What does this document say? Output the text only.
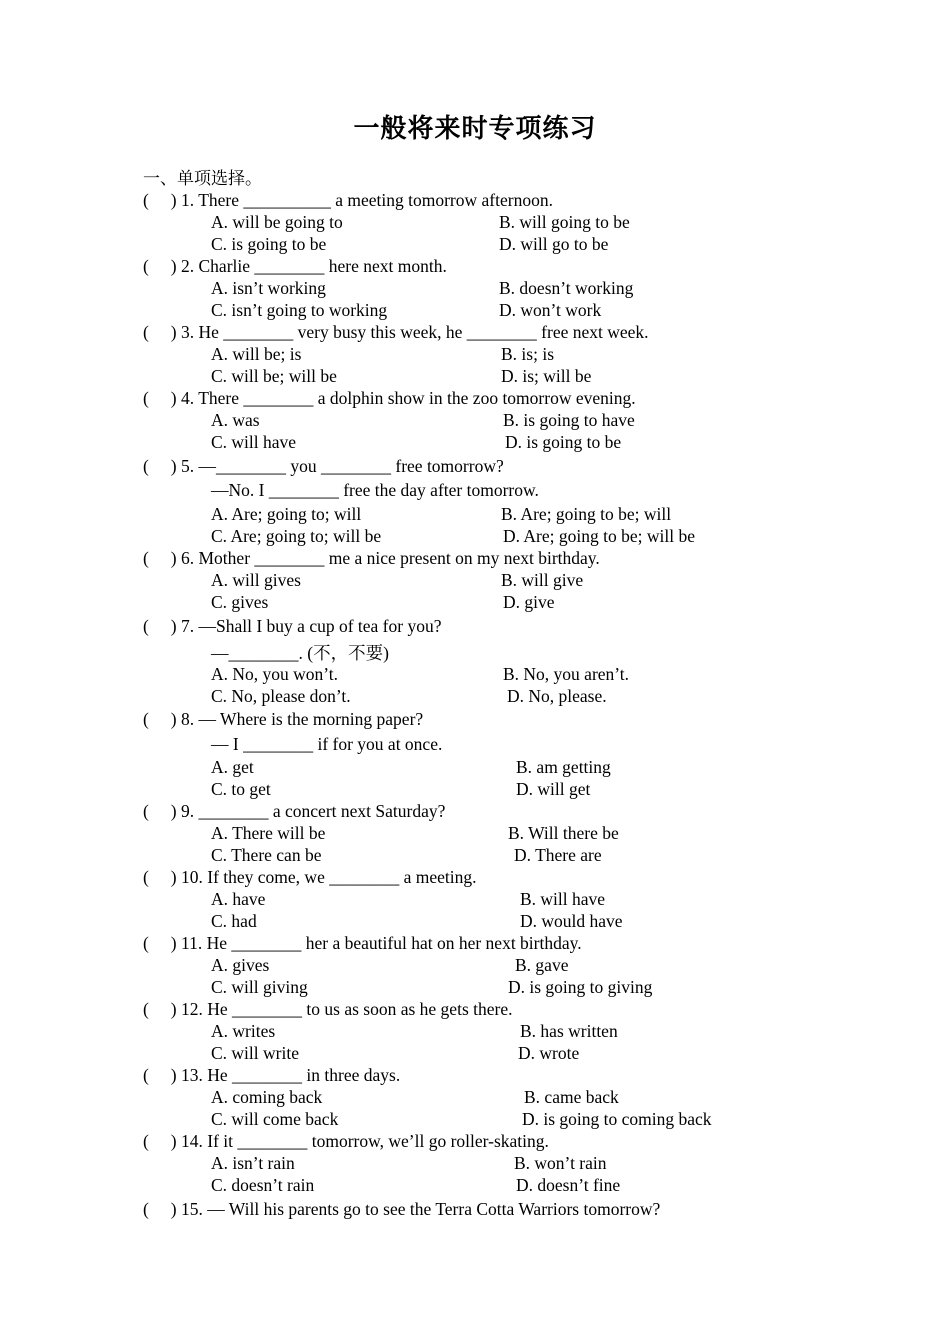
一般将来时专项练习
一、单项选择。
(     ) 1. There __________ a meeting tomorrow afternoon.
A. will be going to	B. will going to be
C. is going to be	D. will go to be
(     ) 2. Charlie ________ here next month.
A. isn’t working	B. doesn’t working
C. isn’t going to working	D. won’t work
(     ) 3. He ________ very busy this week, he ________ free next week.
A. will be; is	B. is; is
C. will be; will be	D. is; will be
(     ) 4. There ________ a dolphin show in the zoo tomorrow evening.
A. was	B. is going to have
C. will have	D. is going to be
(     ) 5. —________ you ________ free tomorrow?
—No. I ________ free the day after tomorrow.
A. Are; going to; will	B. Are; going to be; will
C. Are; going to; will be	D. Are; going to be; will be
(     ) 6. Mother ________ me a nice present on my next birthday.
A. will gives	B. will give
C. gives	D. give
(     ) 7. —Shall I buy a cup of tea for you?
—________. (不，不要)
A. No, you won’t.	B. No, you aren’t.
C. No, please don’t.	D. No, please.
(     ) 8. — Where is the morning paper?
— I ________ if for you at once.
A. get	B. am getting
C. to get	D. will get
(     ) 9. ________ a concert next Saturday?
A. There will be	B. Will there be
C. There can be	D. There are
(     ) 10. If they come, we ________ a meeting.
A. have	B. will have
C. had	D. would have
(     ) 11. He ________ her a beautiful hat on her next birthday.
A. gives	B. gave
C. will giving	D. is going to giving
(     ) 12. He ________ to us as soon as he gets there.
A. writes	B. has written
C. will write	D. wrote
(     ) 13. He ________ in three days.
A. coming back	B. came back
C. will come back	D. is going to coming back
(     ) 14. If it ________ tomorrow, we’ll go roller-skating.
A. isn’t rain	B. won’t rain
C. doesn’t rain	D. doesn’t fine
(     ) 15. — Will his parents go to see the Terra Cotta Warriors tomorrow?
